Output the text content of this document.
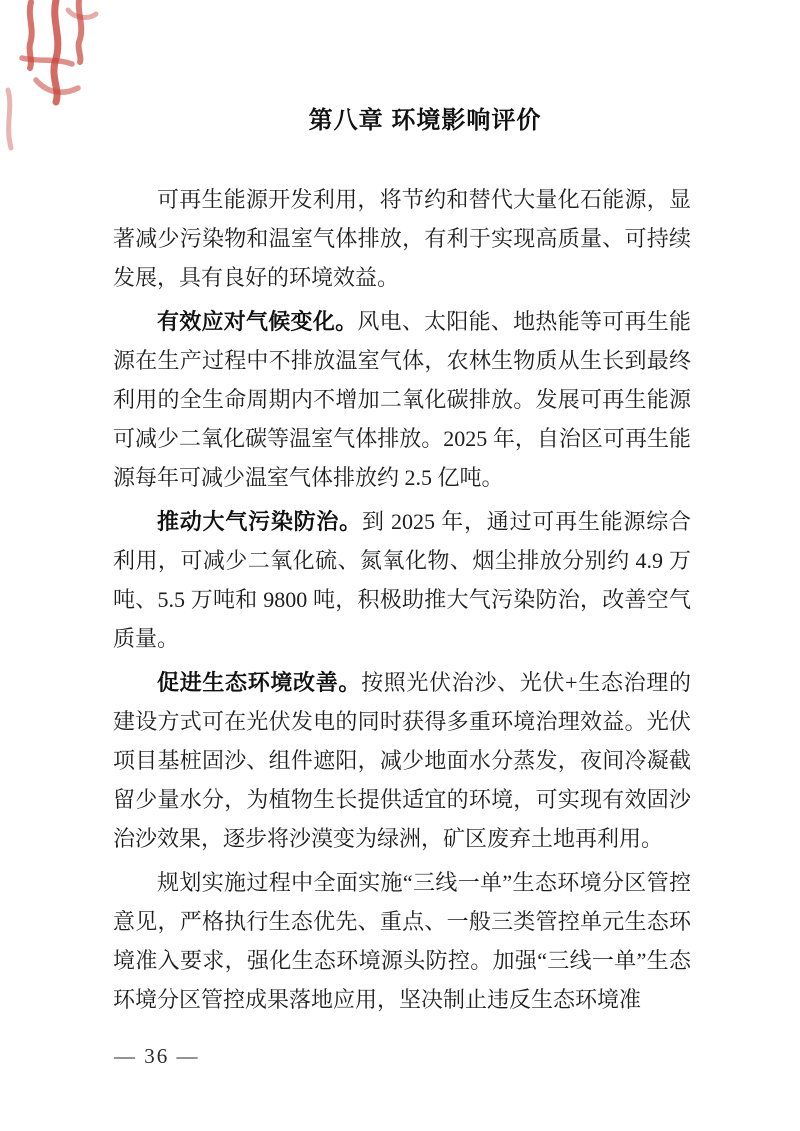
第八章 环境影响评价

可再生能源开发利用，将节约和替代大量化石能源，显著减少污染物和温室气体排放，有利于实现高质量、可持续发展，具有良好的环境效益。

有效应对气候变化。风电、太阳能、地热能等可再生能源在生产过程中不排放温室气体，农林生物质从生长到最终利用的全生命周期内不增加二氧化碳排放。发展可再生能源可减少二氧化碳等温室气体排放。2025 年，自治区可再生能源每年可减少温室气体排放约 2.5 亿吨。

推动大气污染防治。到 2025 年，通过可再生能源综合利用，可减少二氧化硫、氮氧化物、烟尘排放分别约 4.9 万吨、5.5 万吨和 9800 吨，积极助推大气污染防治，改善空气质量。

促进生态环境改善。按照光伏治沙、光伏+生态治理的建设方式可在光伏发电的同时获得多重环境治理效益。光伏项目基桩固沙、组件遮阳，减少地面水分蒸发，夜间冷凝截留少量水分，为植物生长提供适宜的环境，可实现有效固沙治沙效果，逐步将沙漠变为绿洲，矿区废弃土地再利用。

规划实施过程中全面实施“三线一单”生态环境分区管控意见，严格执行生态优先、重点、一般三类管控单元生态环境准入要求，强化生态环境源头防控。加强“三线一单”生态环境分区管控成果落地应用，坚决制止违反生态环境准

— 36 —
